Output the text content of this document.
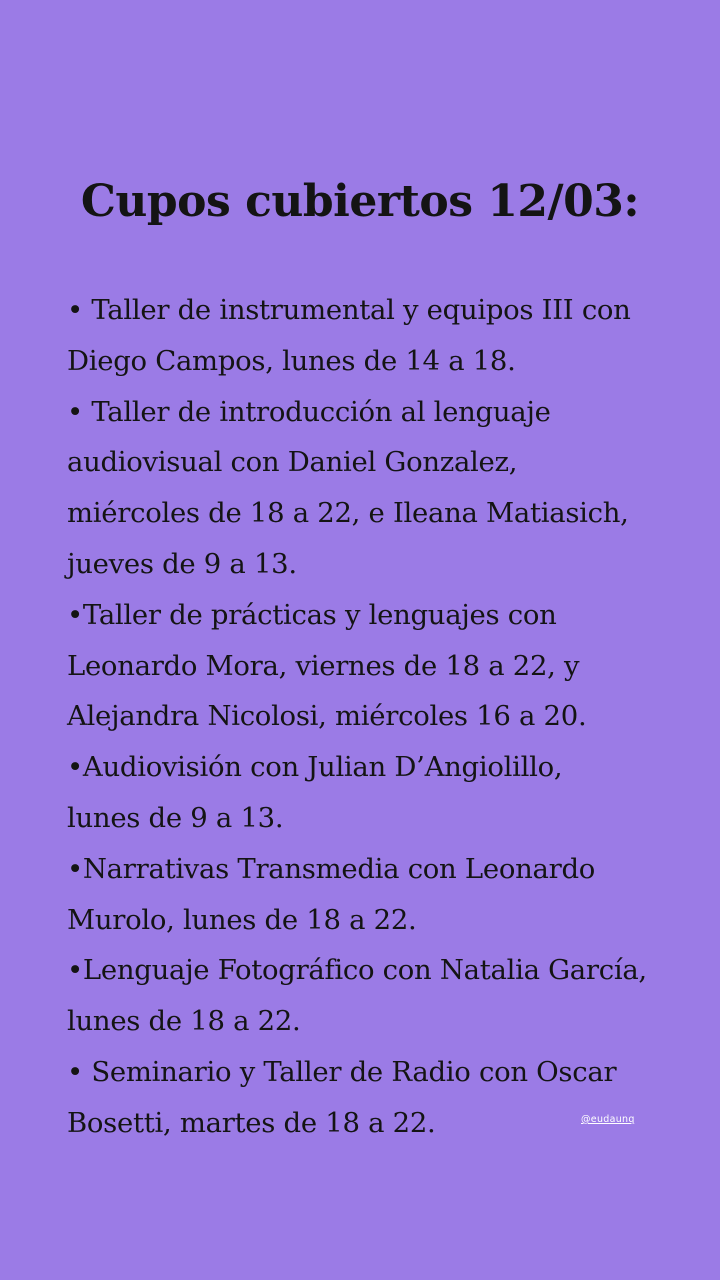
Cupos cubiertos 12/03:
• Taller de instrumental y equipos III con
Diego Campos, lunes de 14 a 18.
• Taller de introducción al lenguaje
audiovisual con Daniel Gonzalez,
miércoles de 18 a 22, e Ileana Matiasich,
jueves de 9 a 13.
•Taller de prácticas y lenguajes con
Leonardo Mora, viernes de 18 a 22, y
Alejandra Nicolosi, miércoles 16 a 20.
•Audiovisión con Julian D’Angiolillo,
lunes de 9 a 13.
•Narrativas Transmedia con Leonardo
Murolo, lunes de 18 a 22.
•Lenguaje Fotográfico con Natalia García,
lunes de 18 a 22.
• Seminario y Taller de Radio con Oscar
Bosetti, martes de 18 a 22.	@eudaunq
